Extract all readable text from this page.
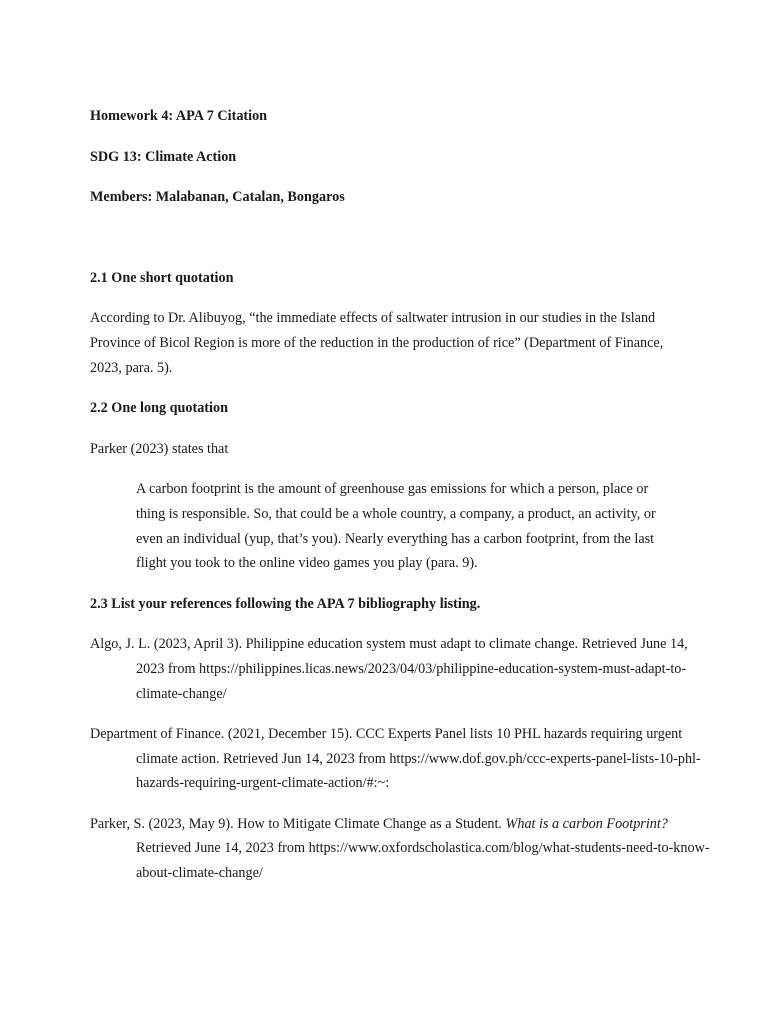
Homework 4: APA 7 Citation

SDG 13: Climate Action

Members: Malabanan, Catalan, Bongaros

2.1 One short quotation

According to Dr. Alibuyog, “the immediate effects of saltwater intrusion in our studies in the Island Province of Bicol Region is more of the reduction in the production of rice” (Department of Finance, 2023, para. 5).

2.2 One long quotation

Parker (2023) states that

A carbon footprint is the amount of greenhouse gas emissions for which a person, place or thing is responsible. So, that could be a whole country, a company, a product, an activity, or even an individual (yup, that’s you). Nearly everything has a carbon footprint, from the last flight you took to the online video games you play (para. 9).

2.3 List your references following the APA 7 bibliography listing.

Algo, J. L. (2023, April 3). Philippine education system must adapt to climate change. Retrieved June 14, 2023 from https://philippines.licas.news/2023/04/03/philippine-education-system-must-adapt-to-climate-change/

Department of Finance. (2021, December 15). CCC Experts Panel lists 10 PHL hazards requiring urgent climate action. Retrieved Jun 14, 2023 from https://www.dof.gov.ph/ccc-experts-panel-lists-10-phl-hazards-requiring-urgent-climate-action/#:~:

Parker, S. (2023, May 9). How to Mitigate Climate Change as a Student. What is a carbon Footprint? Retrieved June 14, 2023 from https://www.oxfordscholastica.com/blog/what-students-need-to-know-about-climate-change/
